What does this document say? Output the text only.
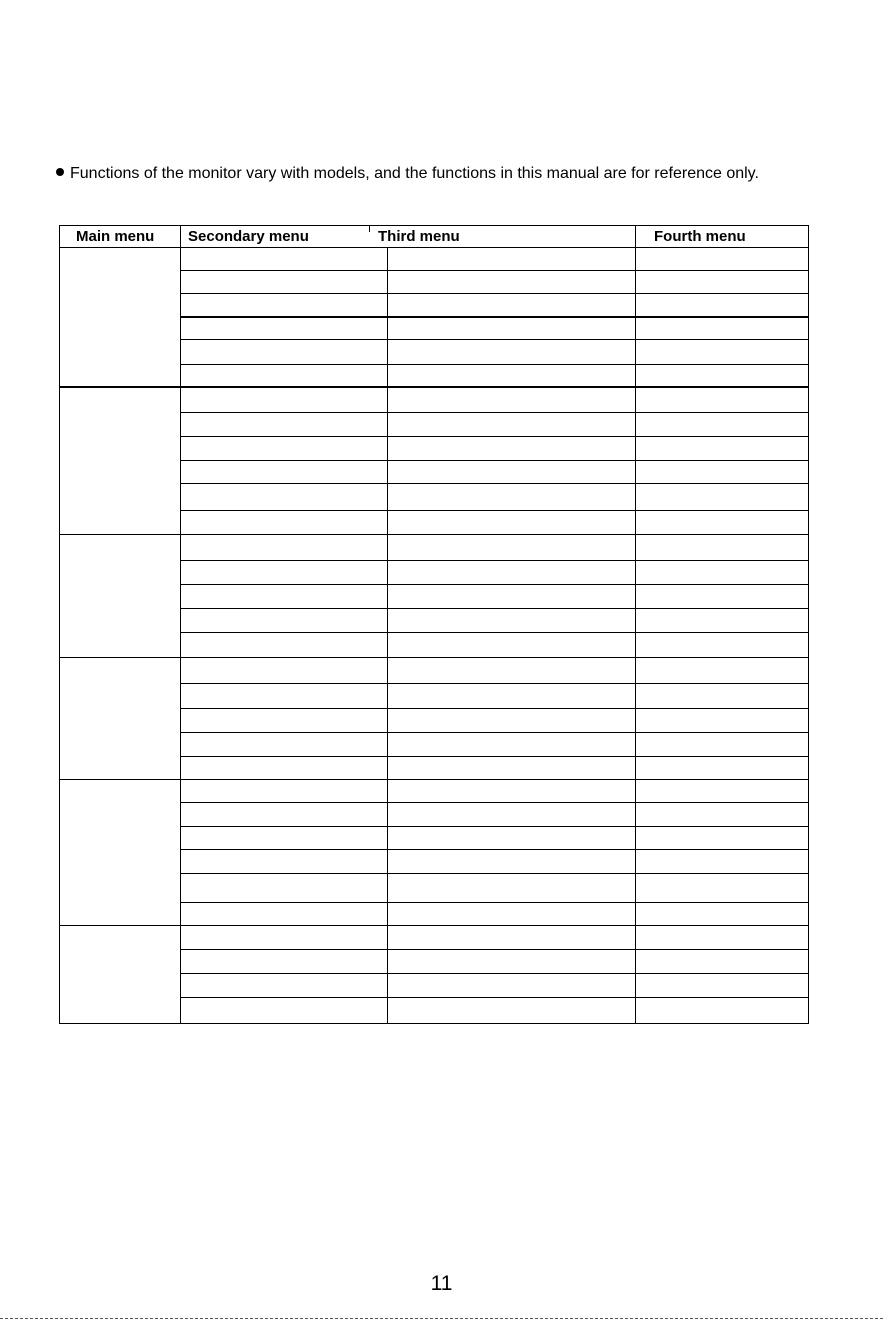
Functions of the monitor vary with models, and the functions in this manual are for reference only.
Main menu Secondary menu	Third menu	Fourth menu
11
